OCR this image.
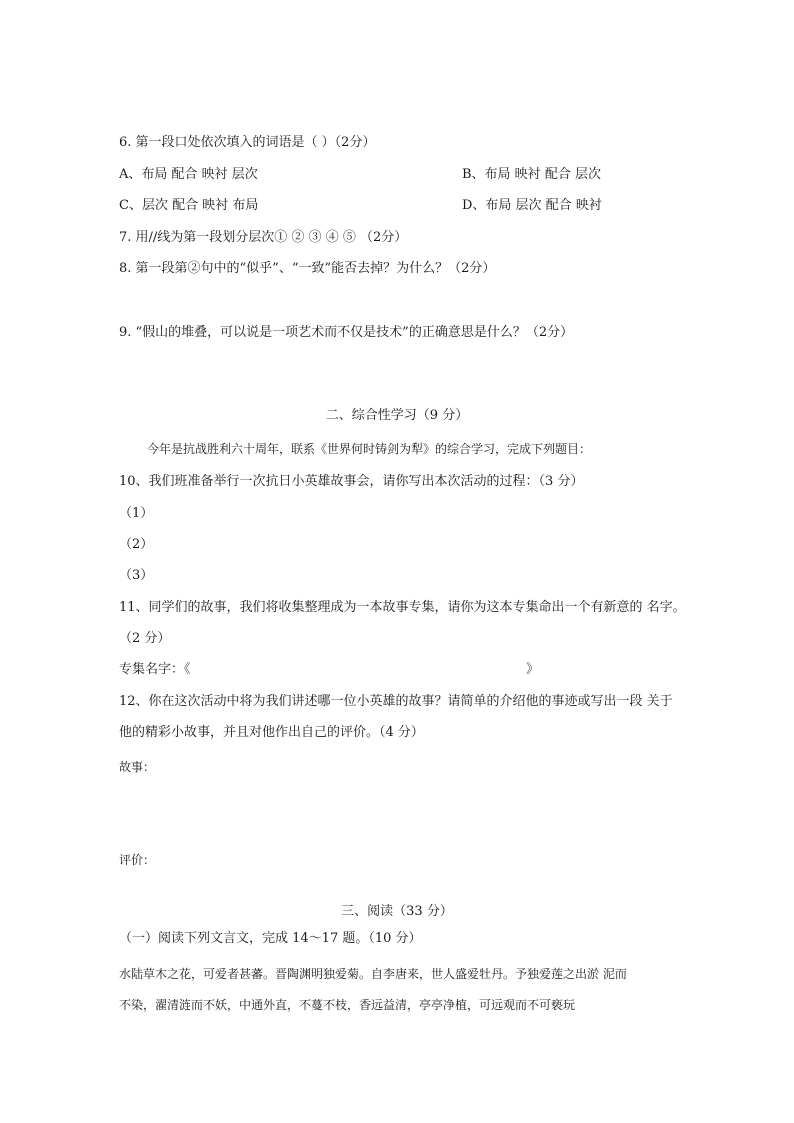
6. 第一段口处依次填入的词语是（ ）（2分）
A、布局 配合 映衬 层次	B、布局 映衬 配合 层次
C、层次 配合 映衬 布局	D、布局 层次 配合 映衬
7. 用//线为第一段划分层次① ② ③ ④ ⑤ （2分）
8. 第一段第②句中的“似乎”、“一致”能否去掉？为什么？（2分）
9. “假山的堆叠，可以说是一项艺术而不仅是技术”的正确意思是什么？（2分）
二、综合性学习（9 分）
今年是抗战胜利六十周年，联系《世界何时铸剑为犁》的综合学习，完成下列题目：
10、我们班准备举行一次抗日小英雄故事会，请你写出本次活动的过程：（3 分）
（1）
（2）
（3）
11、同学们的故事，我们将收集整理成为一本故事专集，请你为这本专集命出一个有新意的 名字。
（2 分）
专集名字：《	》
12、你在这次活动中将为我们讲述哪一位小英雄的故事？请简单的介绍他的事迹或写出一段 关于
他的精彩小故事，并且对他作出自己的评价。（4 分）
故事：
评价：
三、阅读（33 分）
（一）阅读下列文言文，完成 14～17 题。（10 分）
水陆草木之花，可爱者甚蕃。晋陶渊明独爱菊。自李唐来，世人盛爱牡丹。予独爱莲之出淤 泥而
不染，濯清涟而不妖，中通外直，不蔓不枝，香远益清，亭亭净植，可远观而不可亵玩
